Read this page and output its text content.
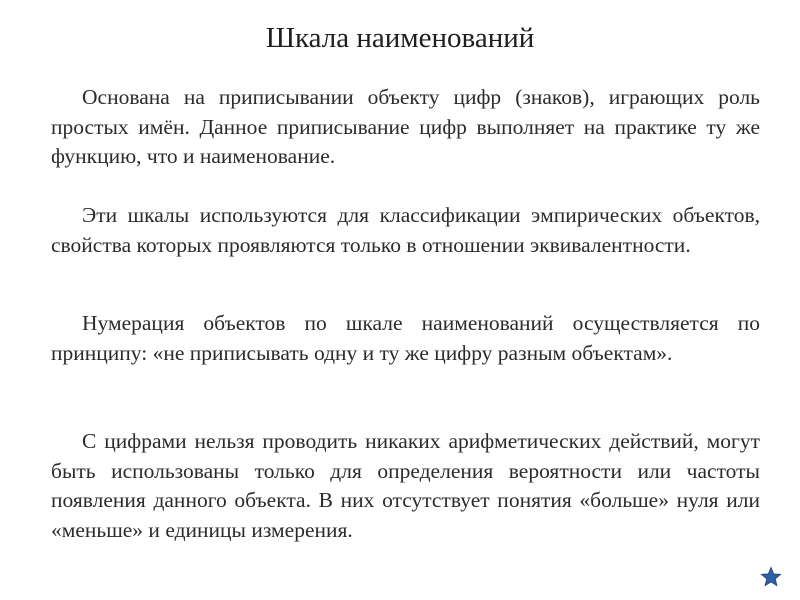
Шкала наименований
Основана на приписывании объекту цифр (знаков), играющих роль простых имён. Данное приписывание цифр выполняет на практике ту же функцию, что и наименование.
Эти шкалы используются для классификации эмпирических объектов, свойства которых проявляются только в отношении эквивалентности.
Нумерация объектов по шкале наименований осуществляется по принципу: «не приписывать одну и ту же цифру разным объектам».
С цифрами нельзя проводить никаких арифметических действий, могут быть использованы только для определения вероятности или частоты появления данного объекта. В них отсутствует понятия «больше» нуля или «меньше» и единицы измерения.
